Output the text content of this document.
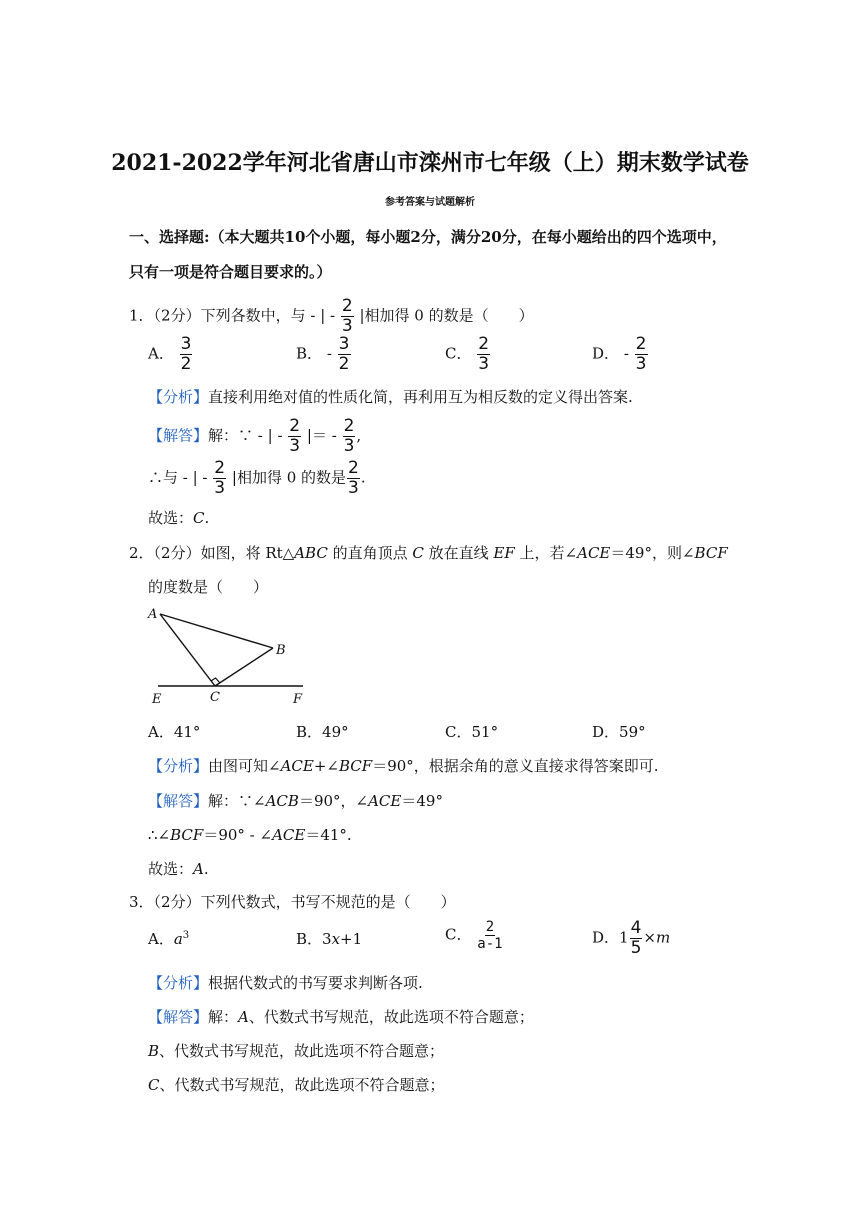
2021-2022学年河北省唐山市滦州市七年级（上）期末数学试卷
参考答案与试题解析
一、选择题:（本大题共10个小题，每小题2分，满分20分，在每小题给出的四个选项中，
只有一项是符合题目要求的。）
1．（2分）下列各数中，与 - | - $\frac{2}{3}$ |相加得 0 的数是（　　）
A． $\frac{3}{2}$	B． - $\frac{3}{2}$	C． $\frac{2}{3}$	D． - $\frac{2}{3}$
【分析】直接利用绝对值的性质化简，再利用互为相反数的定义得出答案.
【解答】解：∵ - | - $\frac{2}{3}$ |＝ - $\frac{2}{3}$ ,
∴与 - | - $\frac{2}{3}$ |相加得 0 的数是 $\frac{2}{3}$ .
故选：C.
2．（2分）如图，将 Rt△ABC 的直角顶点 C 放在直线 EF 上，若∠ACE＝49°，则∠BCF
的度数是（　　）
A
B
C
E	F
A．41°	B．49°	C．51°	D．59°
【分析】由图可知∠ACE+∠BCF＝90°，根据余角的意义直接求得答案即可.
【解答】解：∵∠ACB＝90°，∠ACE＝49°
∴∠BCF＝90° - ∠ACE＝41°.
故选：A.
3．（2分）下列代数式，书写不规范的是（　　）
A．$a^3$	B．3x+1	C． $\frac{2}{a-1}$	D．$1 \frac{4}{5} \times m$
【分析】根据代数式的书写要求判断各项.
【解答】解：A、代数式书写规范，故此选项不符合题意；
B、代数式书写规范，故此选项不符合题意；
C、代数式书写规范，故此选项不符合题意；
